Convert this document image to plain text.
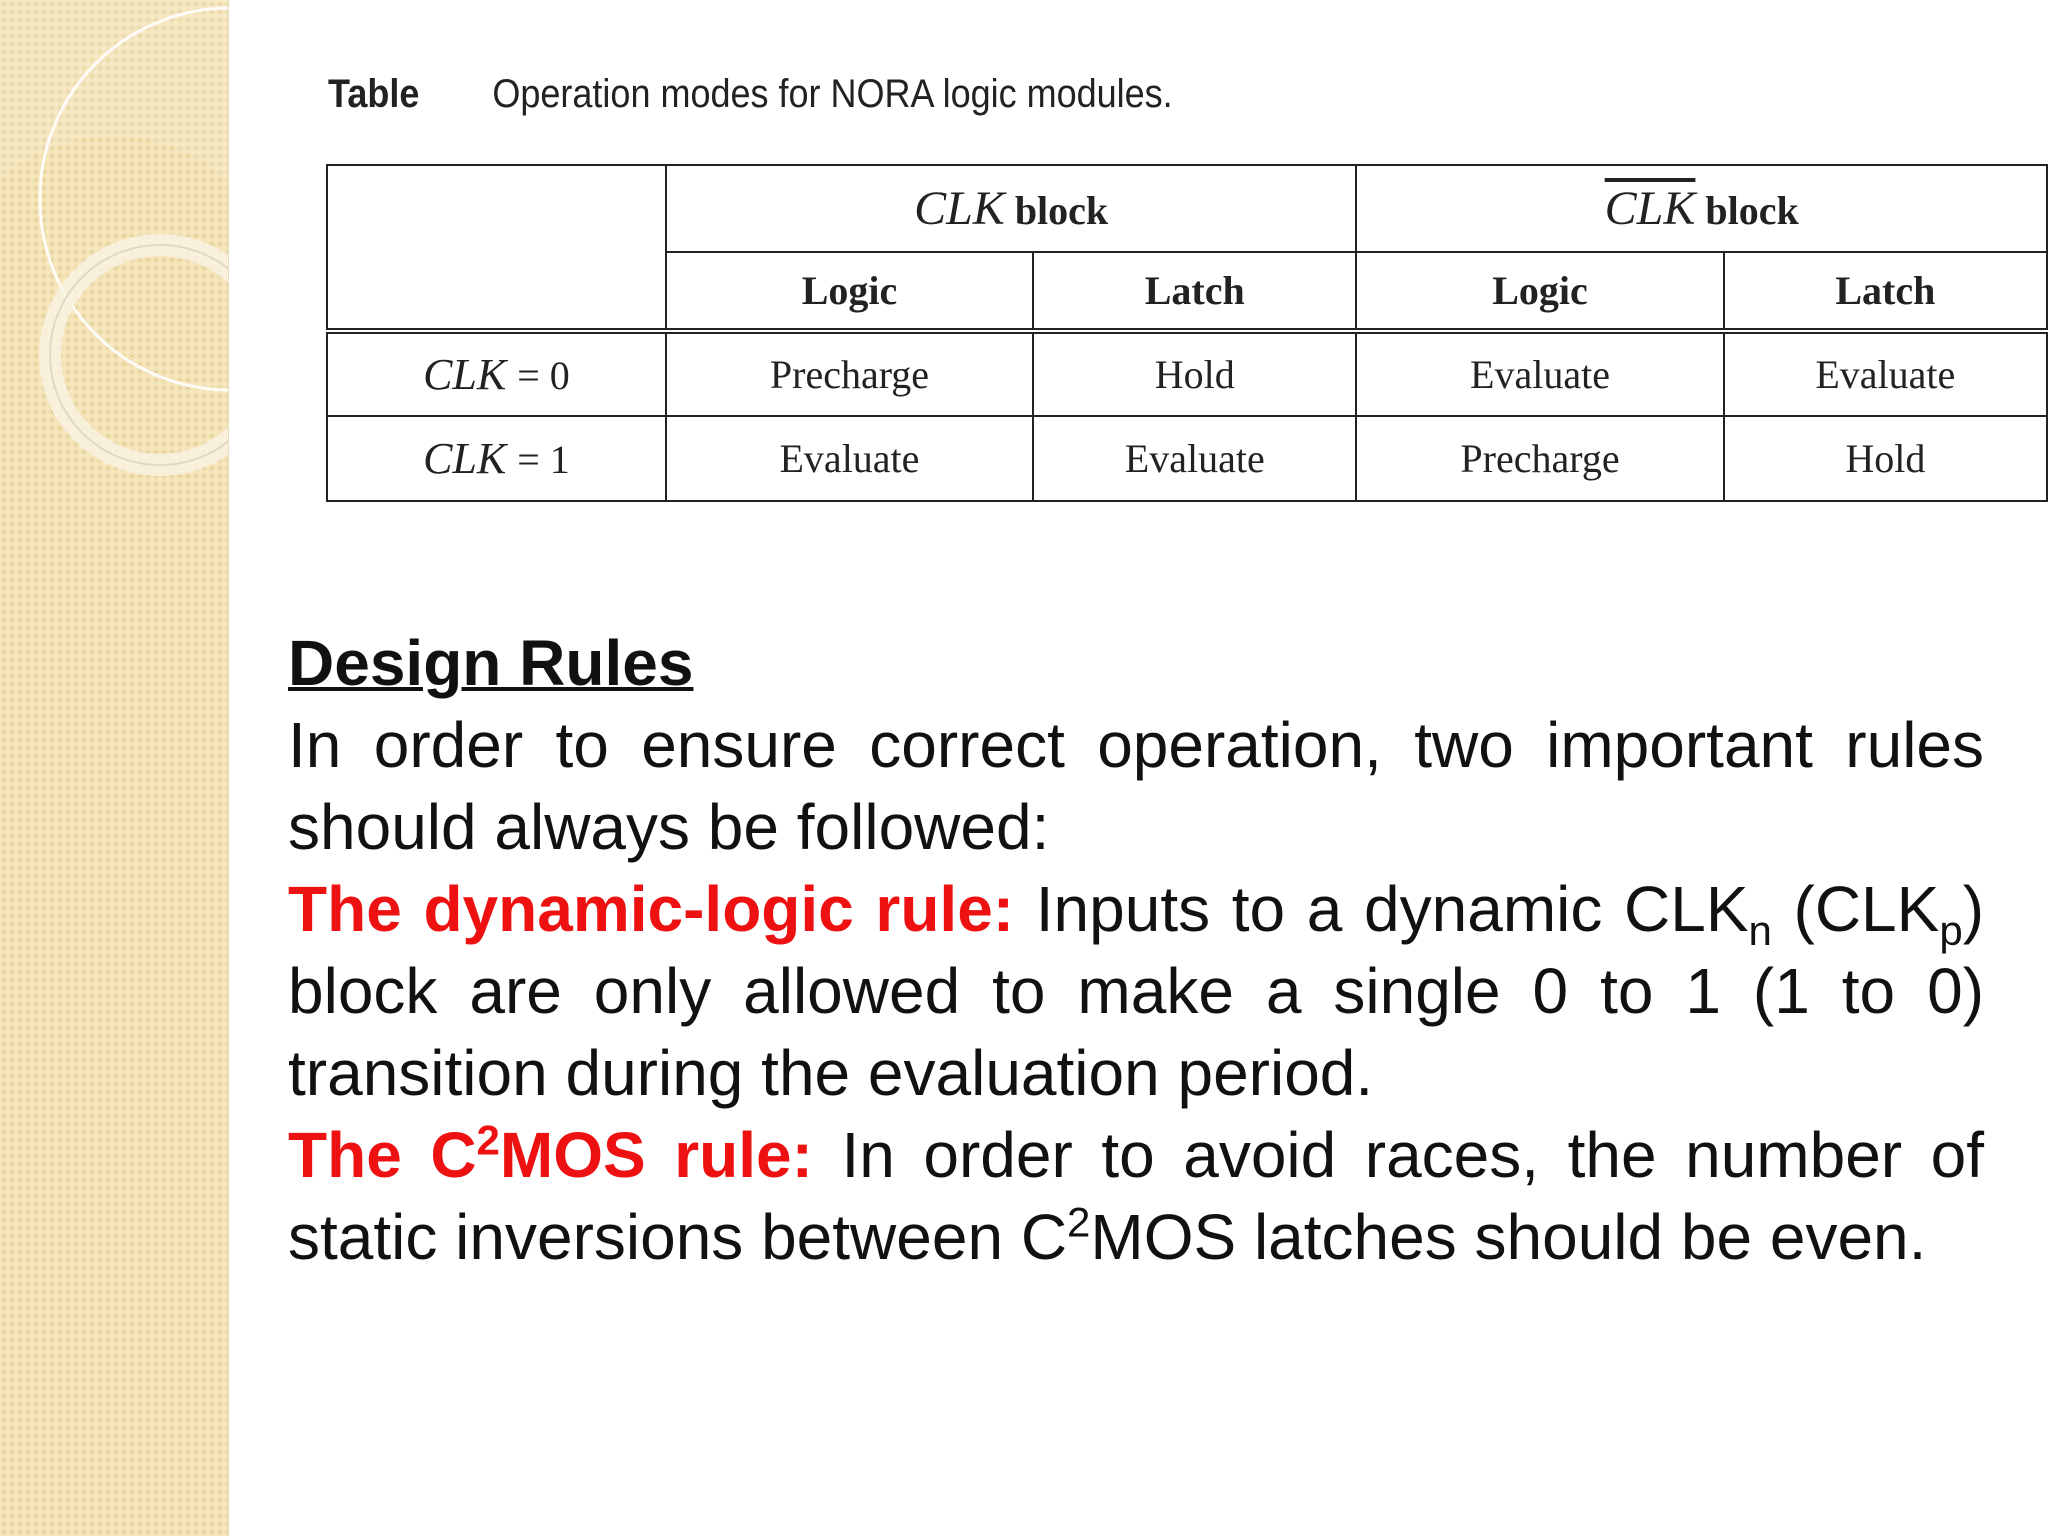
Table Operation modes for NORA logic modules.
	CLK block		$\overline{CLK}$ block	
	Logic	Latch	Logic	Latch
CLK = 0	Precharge	Hold	Evaluate	Evaluate
CLK = 1	Evaluate	Evaluate	Precharge	Hold
Design Rules
In order to ensure correct operation, two important rules should always be followed:
The dynamic-logic rule: Inputs to a dynamic $CLK_n$ $(CLK_p)$ block are only allowed to make a single 0 to 1 (1 to 0) transition during the evaluation period.
The $C^2MOS$ rule: In order to avoid races, the number of static inversions between $C^2MOS$ latches should be even.
